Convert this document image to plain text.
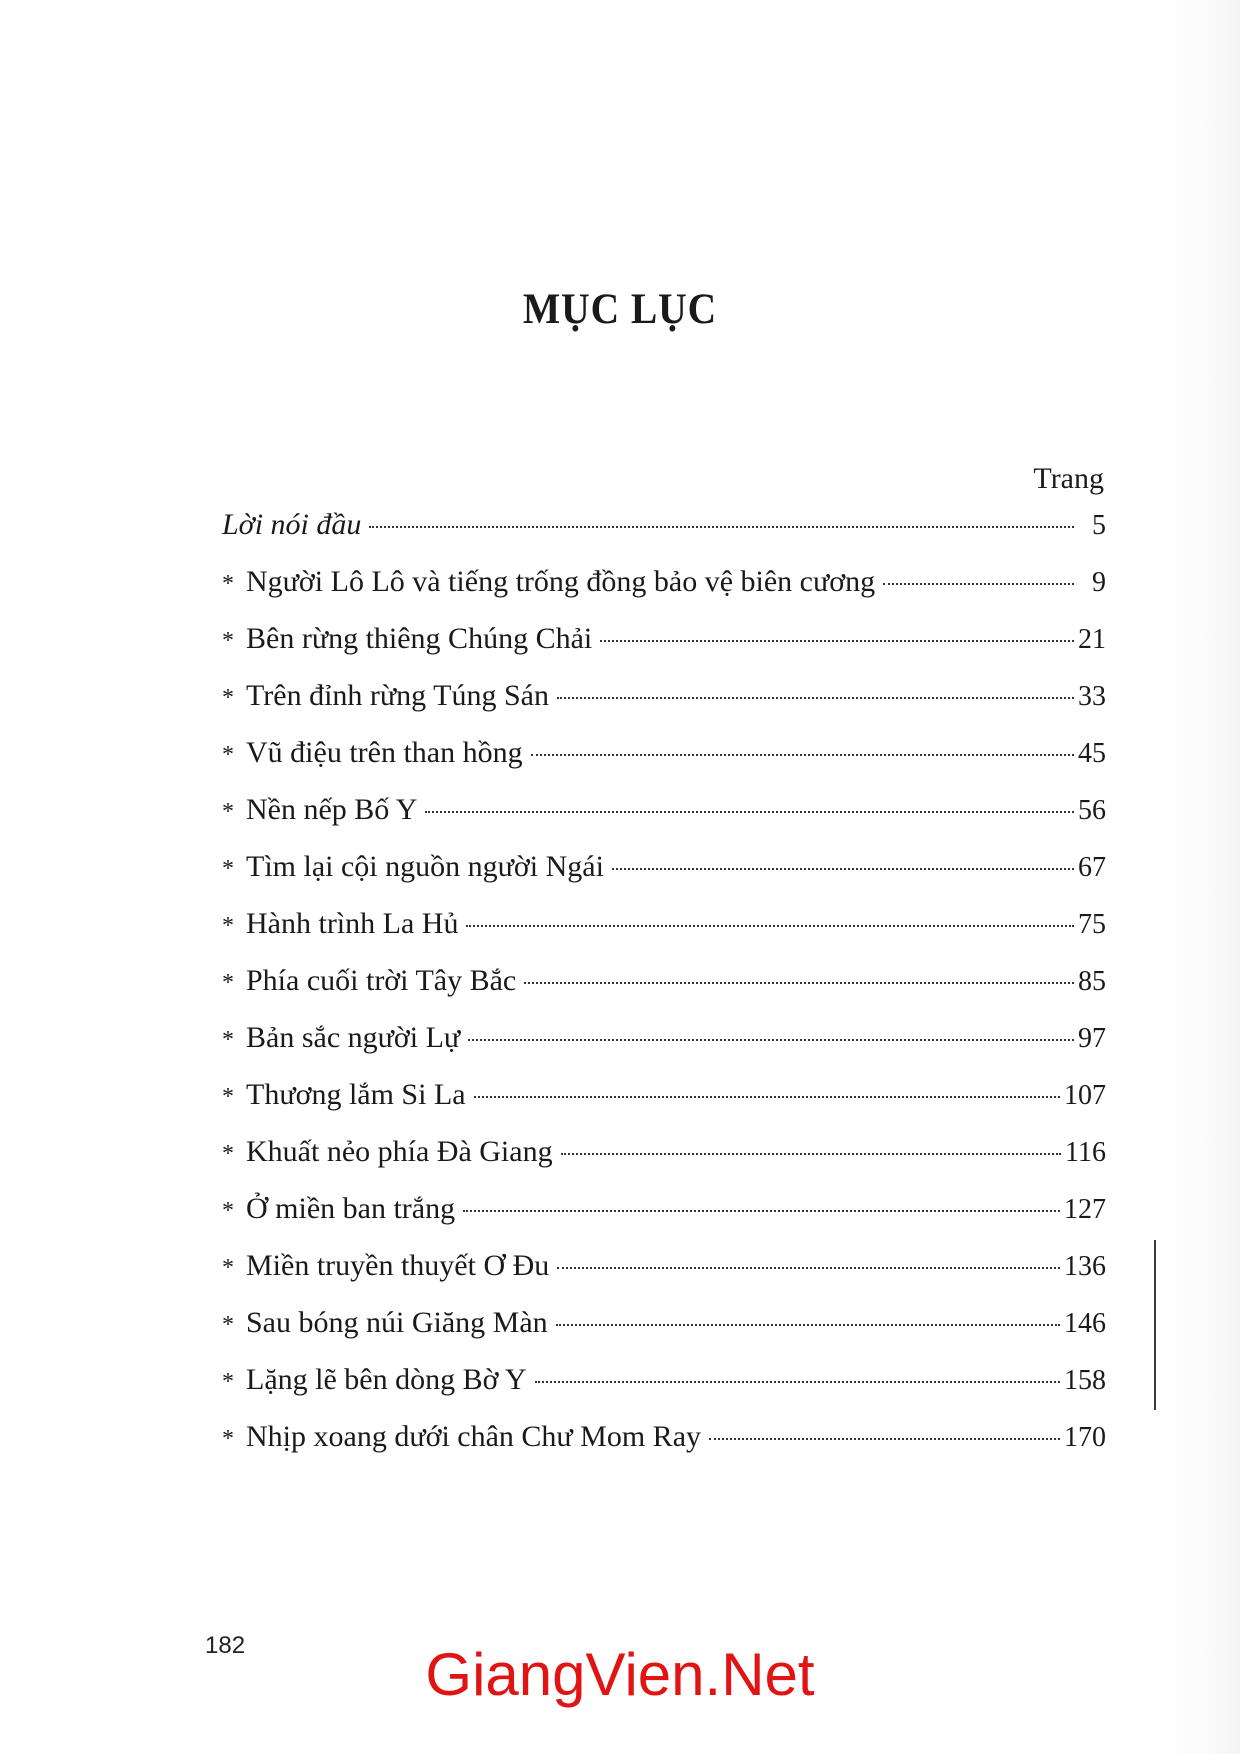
MỤC LỤC
Trang
Lời nói đầu	5
* Người Lô Lô và tiếng trống đồng bảo vệ biên cương	9
* Bên rừng thiêng Chúng Chải	21
* Trên đỉnh rừng Túng Sán	33
* Vũ điệu trên than hồng	45
* Nền nếp Bố Y	56
* Tìm lại cội nguồn người Ngái	67
* Hành trình La Hủ	75
* Phía cuối trời Tây Bắc	85
* Bản sắc người Lự	97
* Thương lắm Si La	107
* Khuất nẻo phía Đà Giang	116
* Ở miền ban trắng	127
* Miền truyền thuyết Ơ Đu	136
* Sau bóng núi Giăng Màn	146
* Lặng lẽ bên dòng Bờ Y	158
* Nhịp xoang dưới chân Chư Mom Ray	170
182	GiangVien.Net
